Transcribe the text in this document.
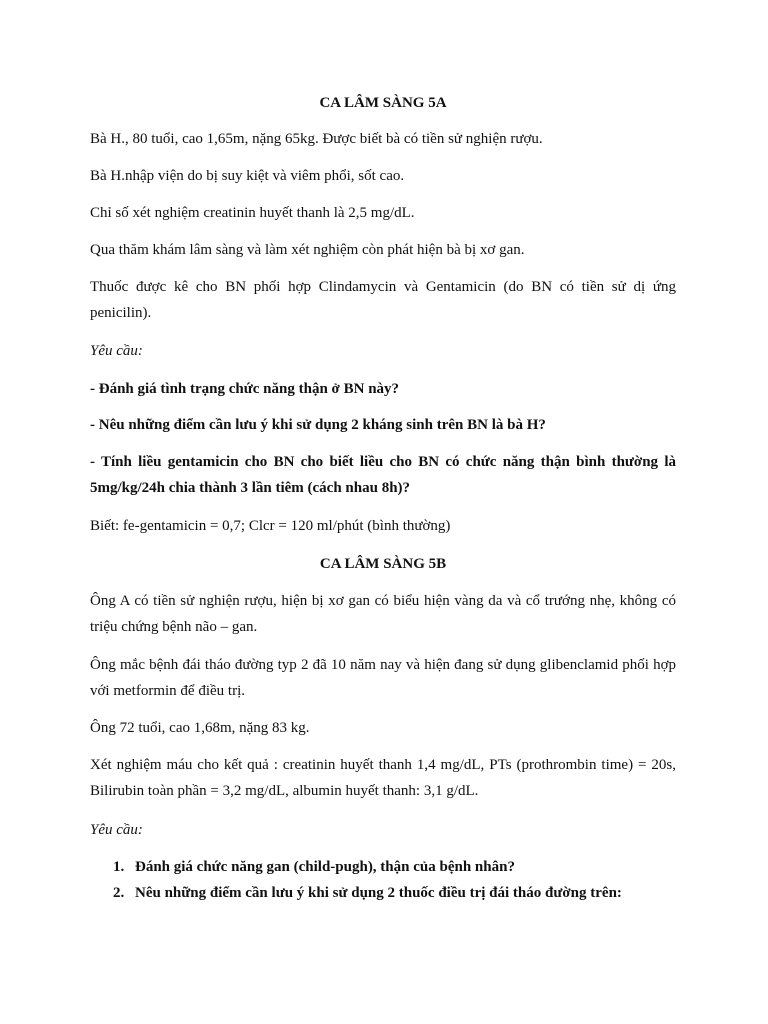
CA LÂM SÀNG 5A

Bà H., 80 tuổi, cao 1,65m, nặng 65kg. Được biết bà có tiền sử nghiện rượu.

Bà H.nhập viện do bị suy kiệt và viêm phổi, sốt cao.

Chỉ số xét nghiệm creatinin huyết thanh là 2,5 mg/dL.

Qua thăm khám lâm sàng và làm xét nghiệm còn phát hiện bà bị xơ gan.

Thuốc được kê cho BN phối hợp Clindamycin và Gentamicin (do BN có tiền sử dị ứng penicilin).

Yêu cầu:

- Đánh giá tình trạng chức năng thận ở BN này?

- Nêu những điểm cần lưu ý khi sử dụng 2 kháng sinh trên BN là bà H?

- Tính liều gentamicin cho BN cho biết liều cho BN có chức năng thận bình thường là 5mg/kg/24h chia thành 3 lần tiêm (cách nhau 8h)?

Biết: fe-gentamicin = 0,7; Clcr = 120 ml/phút (bình thường)

CA LÂM SÀNG 5B

Ông A có tiền sử nghiện rượu, hiện bị xơ gan có biểu hiện vàng da và cổ trướng nhẹ, không có triệu chứng bệnh não – gan.

Ông mắc bệnh đái tháo đường typ 2 đã 10 năm nay và hiện đang sử dụng glibenclamid phối hợp với metformin để điều trị.

Ông 72 tuổi, cao 1,68m, nặng 83 kg.

Xét nghiệm máu cho kết quả : creatinin huyết thanh 1,4 mg/dL, PTs (prothrombin time) = 20s, Bilirubin toàn phần = 3,2 mg/dL, albumin huyết thanh: 3,1 g/dL.

Yêu cầu:

1. Đánh giá chức năng gan (child-pugh), thận của bệnh nhân?

2. Nêu những điểm cần lưu ý khi sử dụng 2 thuốc điều trị đái tháo đường trên:
